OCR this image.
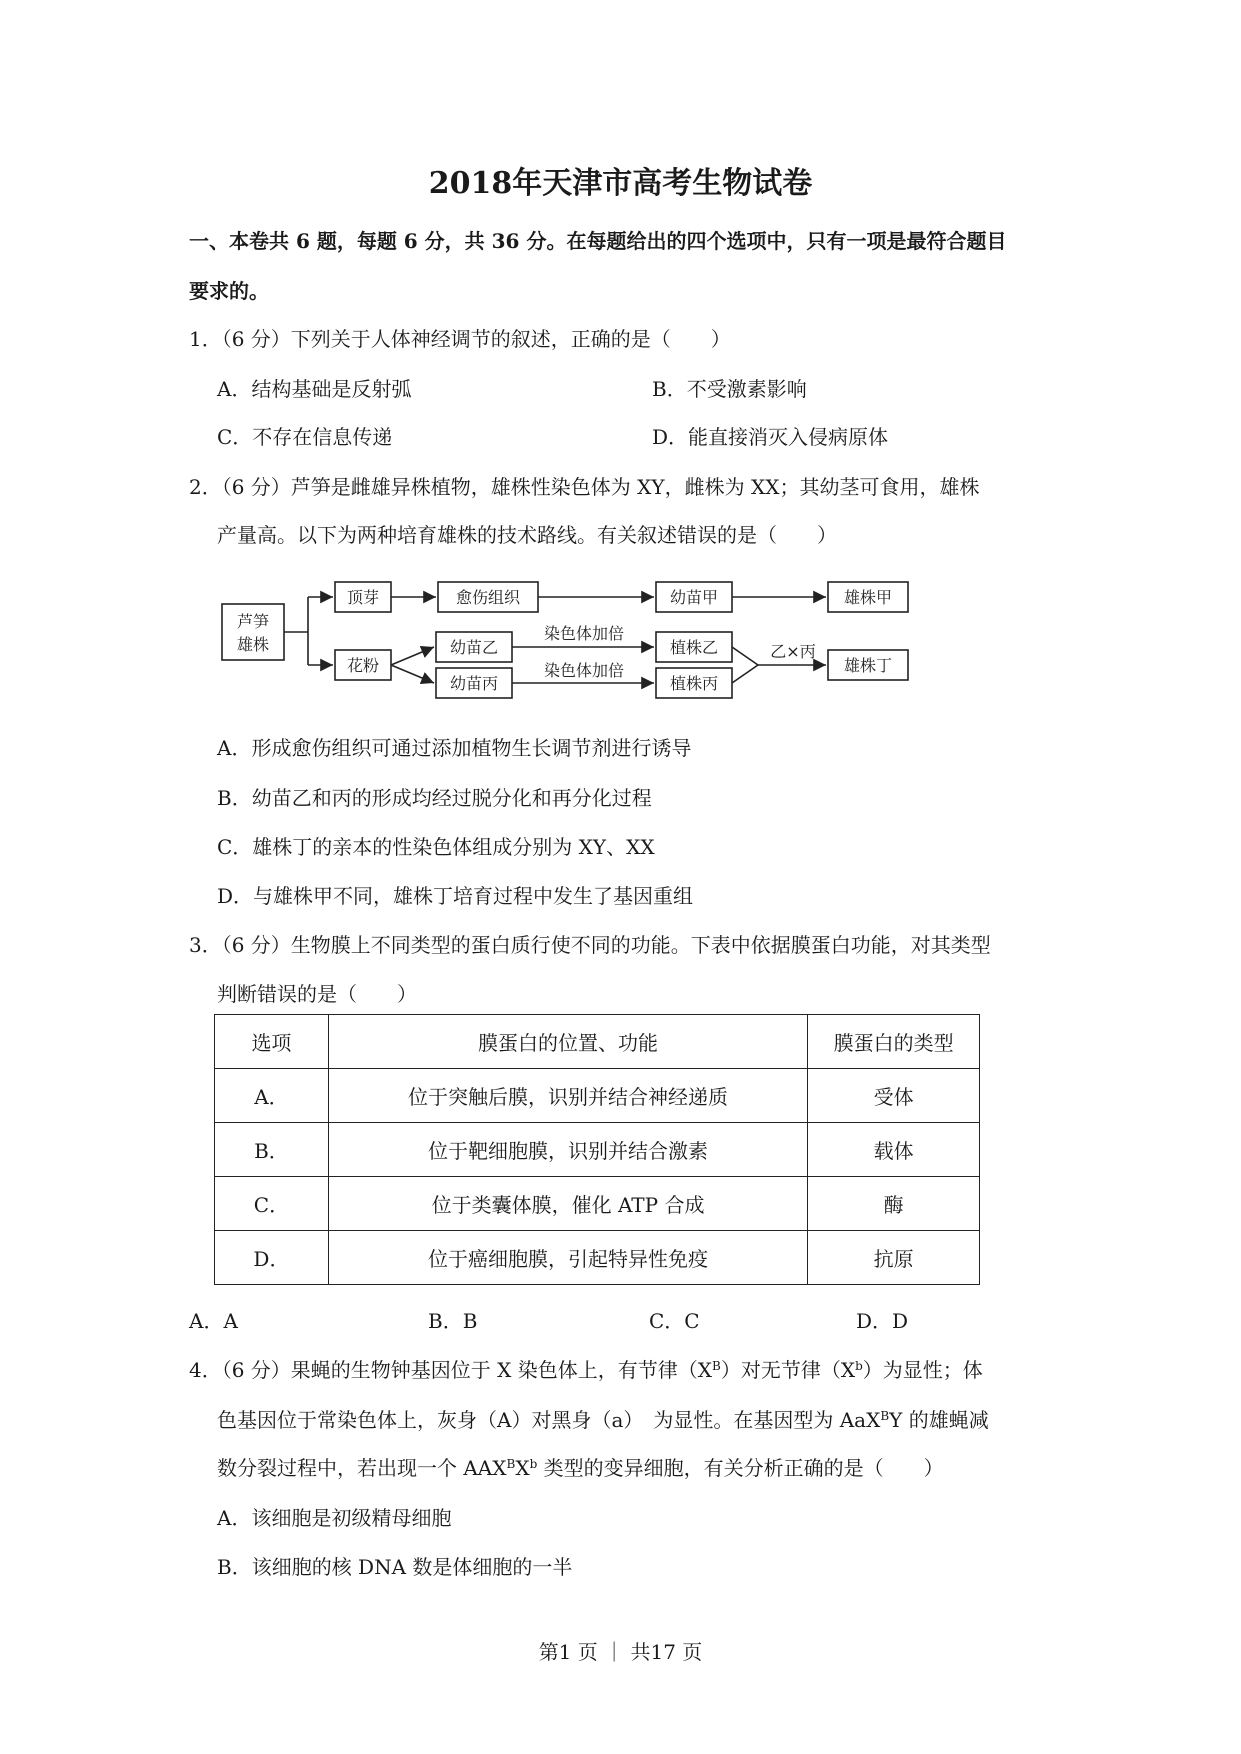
2018年天津市高考生物试卷
一、本卷共 6 题，每题 6 分，共 36 分。在每题给出的四个选项中，只有一项是最符合题目
要求的。
1．（6 分）下列关于人体神经调节的叙述，正确的是（　　）
A．结构基础是反射弧	B．不受激素影响
C．不存在信息传递	D．能直接消灭入侵病原体
2．（6 分）芦笋是雌雄异株植物，雄株性染色体为 XY，雌株为 XX；其幼茎可食用，雄株
产量高。以下为两种培育雄株的技术路线。有关叙述错误的是（　　）
芦笋
雄株
顶芽	愈伤组织	幼苗甲	雄株甲
花粉
幼苗乙
幼苗丙
染色体加倍
染色体加倍
植株乙
植株丙
乙×丙
雄株丁
A．形成愈伤组织可通过添加植物生长调节剂进行诱导
B．幼苗乙和丙的形成均经过脱分化和再分化过程
C．雄株丁的亲本的性染色体组成分别为 XY、XX
D．与雄株甲不同，雄株丁培育过程中发生了基因重组
3．（6 分）生物膜上不同类型的蛋白质行使不同的功能。下表中依据膜蛋白功能，对其类型
判断错误的是（　　）
选项	膜蛋白的位置、功能	膜蛋白的类型
A．	位于突触后膜，识别并结合神经递质	受体
B．	位于靶细胞膜，识别并结合激素	载体
C．	位于类囊体膜，催化 ATP 合成	酶
D．	位于癌细胞膜，引起特异性免疫	抗原
A．A	B．B	C．C	D．D
4．（6 分）果蝇的生物钟基因位于 X 染色体上，有节律$(X^B)$对无节律$(X^b)$为显性；体
色基因位于常染色体上，灰身（A）对黑身（a）　为显性。在基因型为 AaX$^B$Y 的雄蝇减
数分裂过程中，若出现一个 $AAX^BX^b$ 类型的变异细胞，有关分析正确的是（　　）
A．该细胞是初级精母细胞
B．该细胞的核 DNA 数是体细胞的一半
第1 页 ｜ 共17 页
